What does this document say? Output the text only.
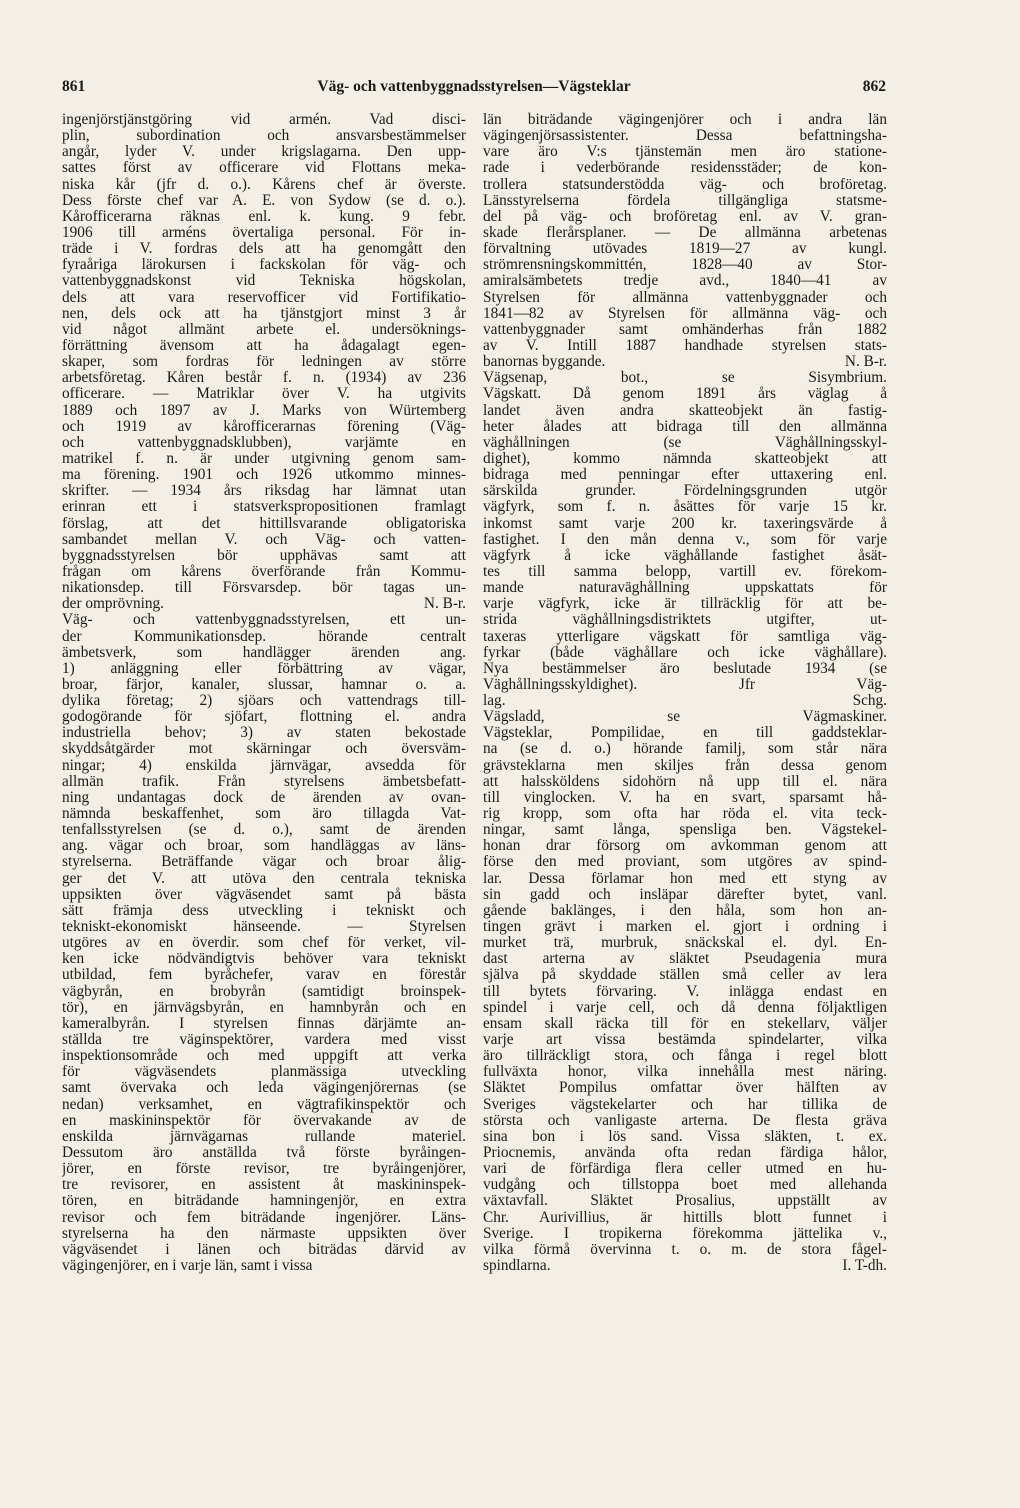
861	Väg- och vattenbyggnadsstyrelsen—Vägsteklar	862
ingenjörstjänstgöring vid armén. Vad disci-
plin, subordination och ansvarsbestämmelser
angår, lyder V. under krigslagarna. Den upp-
sattes först av officerare vid Flottans meka-
niska kår (jfr d. o.). Kårens chef är överste.
Dess förste chef var A. E. von Sydow (se d. o.).
Kårofficerarna räknas enl. k. kung. 9 febr.
1906 till arméns övertaliga personal. För in-
träde i V. fordras dels att ha genomgått den
fyraåriga lärokursen i fackskolan för väg- och
vattenbyggnadskonst vid Tekniska högskolan,
dels att vara reservofficer vid Fortifikatio-
nen, dels ock att ha tjänstgjort minst 3 år
vid något allmänt arbete el. undersöknings-
förrättning ävensom att ha ådagalagt egen-
skaper, som fordras för ledningen av större
arbetsföretag. Kåren består f. n. (1934) av 236
officerare. — Matriklar över V. ha utgivits
1889 och 1897 av J. Marks von Würtemberg
och 1919 av kårofficerarnas förening (Väg-
och vattenbyggnadsklubben), varjämte en
matrikel f. n. är under utgivning genom sam-
ma förening. 1901 och 1926 utkommo minnes-
skrifter. — 1934 års riksdag har lämnat utan
erinran ett i statsverkspropositionen framlagt
förslag, att det hittillsvarande obligatoriska
sambandet mellan V. och Väg- och vatten-
byggnadsstyrelsen bör upphävas samt att
frågan om kårens överförande från Kommu-
nikationsdep. till Försvarsdep. bör tagas un-
der omprövning.	N. B-r.
Väg- och vattenbyggnadsstyrelsen, ett un-
der Kommunikationsdep. hörande centralt
ämbetsverk, som handlägger ärenden ang.
1) anläggning eller förbättring av vägar,
broar, färjor, kanaler, slussar, hamnar o. a.
dylika företag; 2) sjöars och vattendrags till-
godogörande för sjöfart, flottning el. andra
industriella behov; 3) av staten bekostade
skyddsåtgärder mot skärningar och översväm-
ningar; 4) enskilda järnvägar, avsedda för
allmän trafik. Från styrelsens ämbetsbefatt-
ning undantagas dock de ärenden av ovan-
nämnda beskaffenhet, som äro tillagda Vat-
tenfallsstyrelsen (se d. o.), samt de ärenden
ang. vägar och broar, som handläggas av läns-
styrelserna. Beträffande vägar och broar ålig-
ger det V. att utöva den centrala tekniska
uppsikten över vägväsendet samt på bästa
sätt främja dess utveckling i tekniskt och
tekniskt-ekonomiskt hänseende. — Styrelsen
utgöres av en överdir. som chef för verket, vil-
ken icke nödvändigtvis behöver vara tekniskt
utbildad, fem byråchefer, varav en förestår
vägbyrån, en brobyrån (samtidigt broinspek-
tör), en järnvägsbyrån, en hamnbyrån och en
kameralbyrån. I styrelsen finnas därjämte an-
ställda tre väginspektörer, vardera med visst
inspektionsområde och med uppgift att verka
för vägväsendets planmässiga utveckling
samt övervaka och leda vägingenjörernas (se
nedan) verksamhet, en vägtrafikinspektör och
en maskininspektör för övervakande av de
enskilda järnvägarnas rullande materiel.
Dessutom äro anställda två förste byråingen-
jörer, en förste revisor, tre byråingenjörer,
tre revisorer, en assistent åt maskininspek-
tören, en biträdande hamningenjör, en extra
revisor och fem biträdande ingenjörer. Läns-
styrelserna ha den närmaste uppsikten över
vägväsendet i länen och biträdas därvid av
vägingenjörer, en i varje län, samt i vissa
län biträdande vägingenjörer och i andra län
vägingenjörsassistenter. Dessa befattningsha-
vare äro V:s tjänstemän men äro statione-
rade i vederbörande residensstäder; de kon-
trollera statsunderstödda väg- och broföretag.
Länsstyrelserna fördela tillgängliga statsme-
del på väg- och broföretag enl. av V. gran-
skade flerårsplaner. — De allmänna arbetenas
förvaltning utövades 1819—27 av kungl.
strömrensningskommittén, 1828—40 av Stor-
amiralsämbetets tredje avd., 1840—41 av
Styrelsen för allmänna vattenbyggnader och
1841—82 av Styrelsen för allmänna väg- och
vattenbyggnader samt omhänderhas från 1882
av V. Intill 1887 handhade styrelsen stats-
banornas byggande.	N. B-r.
Vägsenap, bot., se Sisymbrium.
Vägskatt. Då genom 1891 års väglag å
landet även andra skatteobjekt än fastig-
heter ålades att bidraga till den allmänna
väghållningen (se Väghållningsskyl-
dighet), kommo nämnda skatteobjekt att
bidraga med penningar efter uttaxering enl.
särskilda grunder. Fördelningsgrunden utgör
vägfyrk, som f. n. åsättes för varje 15 kr.
inkomst samt varje 200 kr. taxeringsvärde å
fastighet. I den mån denna v., som för varje
vägfyrk å icke väghållande fastighet åsät-
tes till samma belopp, vartill ev. förekom-
mande naturaväghållning uppskattats för
varje vägfyrk, icke är tillräcklig för att be-
strida väghållningsdistriktets utgifter, ut-
taxeras ytterligare vägskatt för samtliga väg-
fyrkar (både väghållare och icke väghållare).
Nya bestämmelser äro beslutade 1934 (se
Väghållningsskyldighet). Jfr Väg-
lag.	Schg.
Vägsladd, se Vägmaskiner.
Vägsteklar, Pompilidae, en till gaddsteklar-
na (se d. o.) hörande familj, som står nära
grävsteklarna men skiljes från dessa genom
att halssköldens sidohörn nå upp till el. nära
till vinglocken. V. ha en svart, sparsamt hå-
rig kropp, som ofta har röda el. vita teck-
ningar, samt långa, spensliga ben. Vägstekel-
honan drar försorg om avkomman genom att
förse den med proviant, som utgöres av spind-
lar. Dessa förlamar hon med ett styng av
sin gadd och insläpar därefter bytet, vanl.
gående baklänges, i den håla, som hon an-
tingen grävt i marken el. gjort i ordning i
murket trä, murbruk, snäckskal el. dyl. En-
dast arterna av släktet Pseudagenia mura
själva på skyddade ställen små celler av lera
till bytets förvaring. V. inlägga endast en
spindel i varje cell, och då denna följaktligen
ensam skall räcka till för en stekellarv, väljer
varje art vissa bestämda spindelarter, vilka
äro tillräckligt stora, och fånga i regel blott
fullväxta honor, vilka innehålla mest näring.
Släktet Pompilus omfattar över hälften av
Sveriges vägstekelarter och har tillika de
största och vanligaste arterna. De flesta gräva
sina bon i lös sand. Vissa släkten, t. ex.
Priocnemis, använda ofta redan färdiga hålor,
vari de förfärdiga flera celler utmed en hu-
vudgång och tillstoppa boet med allehanda
växtavfall. Släktet Prosalius, uppställt av
Chr. Aurivillius, är hittills blott funnet i
Sverige. I tropikerna förekomma jättelika v.,
vilka förmå övervinna t. o. m. de stora fågel-
spindlarna.	I. T-dh.
